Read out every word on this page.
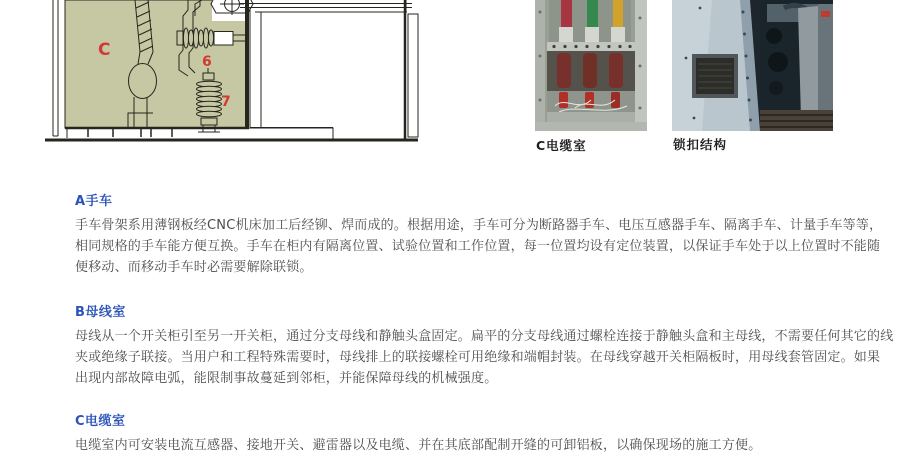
C
6
7
C电缆室	锁扣结构
A手车
手车骨架系用薄钢板经CNC机床加工后经铆、焊而成的。根据用途，手车可分为断路器手车、电压互感器手车、隔离手车、计量手车等等，
相同规格的手车能方便互换。手车在柜内有隔离位置、试验位置和工作位置，每一位置均设有定位装置，以保证手车处于以上位置时不能随
便移动、而移动手车时必需要解除联锁。
B母线室
母线从一个开关柜引至另一开关柜，通过分支母线和静触头盒固定。扁平的分支母线通过螺栓连接于静触头盒和主母线，不需要任何其它的线
夹或绝缘子联接。当用户和工程特殊需要时，母线排上的联接螺栓可用绝缘和端帽封装。在母线穿越开关柜隔板时，用母线套管固定。如果
出现内部故障电弧，能限制事故蔓延到邻柜，并能保障母线的机械强度。
C电缆室
电缆室内可安装电流互感器、接地开关、避雷器以及电缆、并在其底部配制开缝的可卸铝板，以确保现场的施工方便。
